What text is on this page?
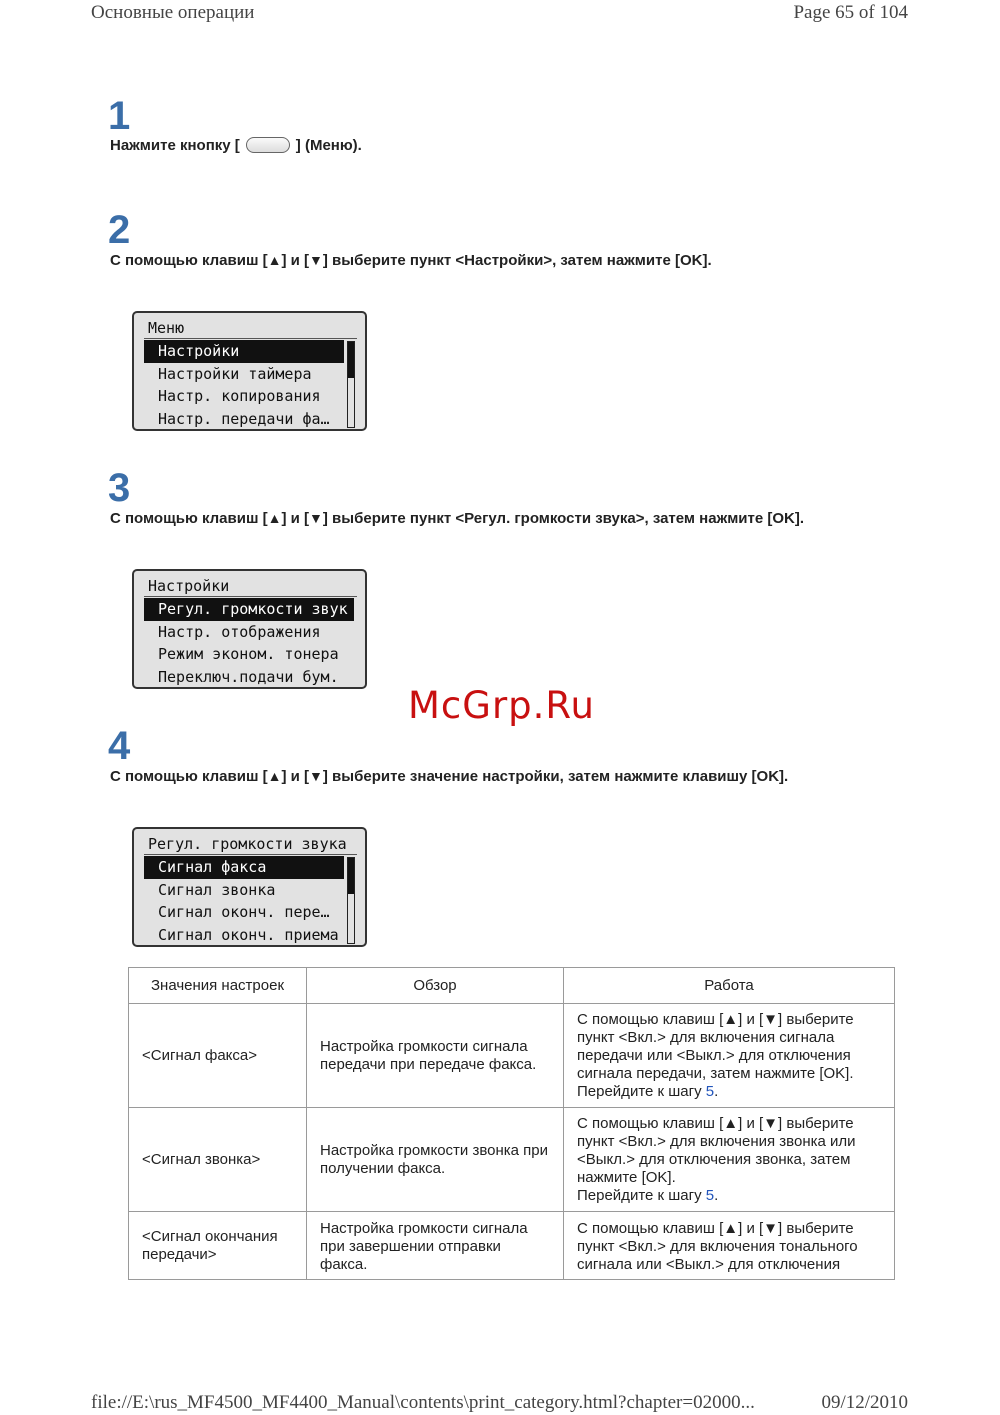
Основные операции	Page 65 of 104
1
Нажмите кнопку [	] (Меню).
2
С помощью клавиш [▲] и [▼] выберите пункт <Настройки>, затем нажмите [OK].
Меню
Настройки
Настройки таймера
Настр. копирования
Настр. передачи фа…
3
С помощью клавиш [▲] и [▼] выберите пункт <Регул. громкости звука>, затем нажмите [OK].
Настройки
Регул. громкости звук
Настр. отображения
Режим эконом. тонера
Переключ.подачи бум.
McGrp.Ru
4
С помощью клавиш [▲] и [▼] выберите значение настройки, затем нажмите клавишу [OK].
Регул. громкости звука
Сигнал факса
Сигнал звонка
Сигнал оконч. пере…
Сигнал оконч. приема
Значения настроек	Обзор	Работа
<Сигнал факса>	Настройка громкости сигнала передачи при передаче факса.	С помощью клавиш [▲] и [▼] выберите пункт <Вкл.> для включения сигнала передачи или <Выкл.> для отключения сигнала передачи, затем нажмите [OK].
Перейдите к шагу 5.
<Сигнал звонка>	Настройка громкости звонка при получении факса.	С помощью клавиш [▲] и [▼] выберите пункт <Вкл.> для включения звонка или <Выкл.> для отключения звонка, затем нажмите [OK].
Перейдите к шагу 5.
<Сигнал окончания передачи>	Настройка громкости сигнала при завершении отправки факса.	С помощью клавиш [▲] и [▼] выберите пункт <Вкл.> для включения тонального сигнала или <Выкл.> для отключения
file://E:\rus_MF4500_MF4400_Manual\contents\print_category.html?chapter=02000...	09/12/2010
